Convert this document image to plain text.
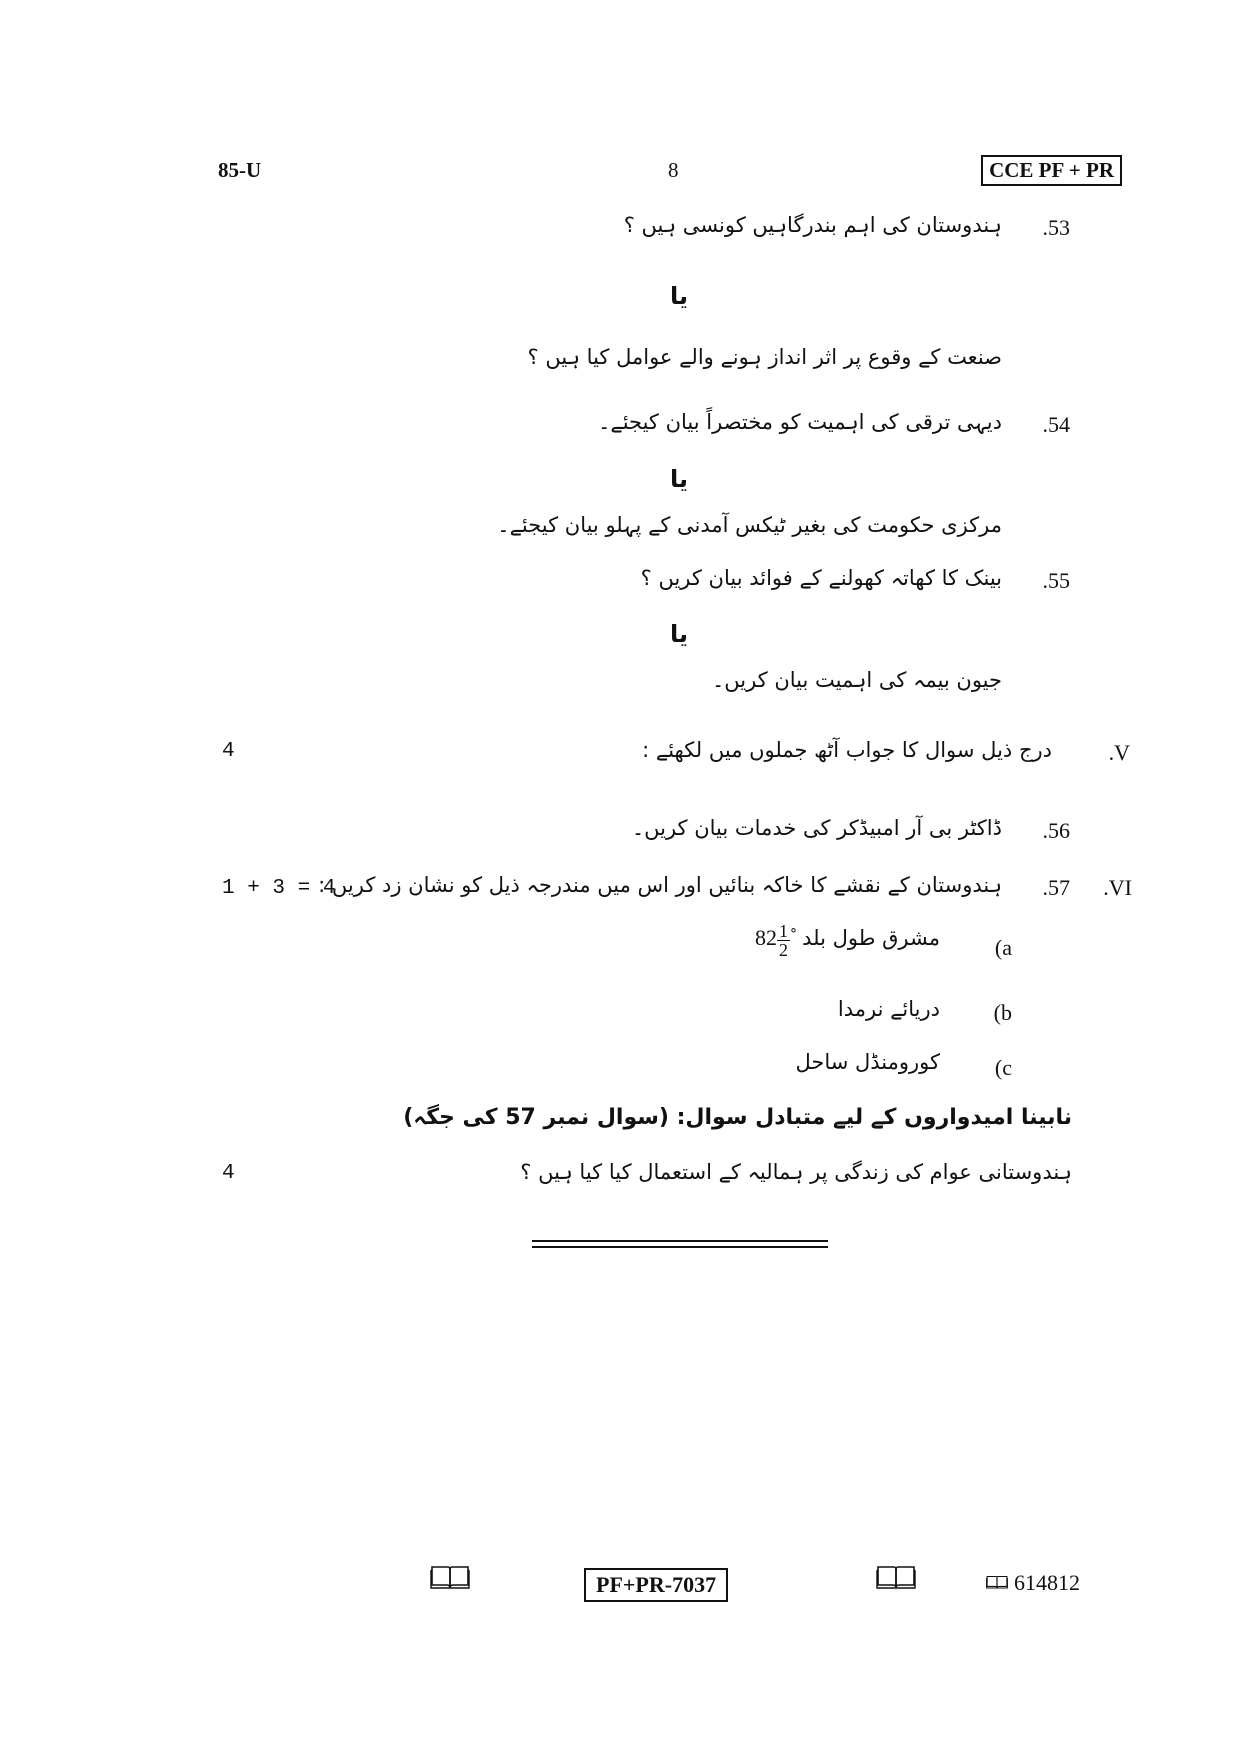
85-U	8	CCE PF + PR
.53
ہندوستان کی اہم بندرگاہیں کونسی ہیں ؟
یا
صنعت کے وقوع پر اثر انداز ہونے والے عوامل کیا ہیں ؟
.54
دیہی ترقی کی اہمیت کو مختصراً بیان کیجئے۔
یا
مرکزی حکومت کی بغیر ٹیکس آمدنی کے پہلو بیان کیجئے۔
.55
بینک کا کھاتہ کھولنے کے فوائد بیان کریں ؟
یا
جیون بیمہ کی اہمیت بیان کریں۔
4	.V
درج ذیل سوال کا جواب آٹھ جملوں میں لکھئے :
.56
ڈاکٹر بی آر امبیڈکر کی خدمات بیان کریں۔
1 + 3 = 4	.VI
.57
ہندوستان کے نقشے کا خاکہ بنائیں اور اس میں مندرجہ ذیل کو نشان زد کریں :
(a
مشرق طول بلد $82 \frac{1}{2} ^\circ$
(b
دریائے نرمدا
(c
کورومنڈل ساحل
نابینا امیدواروں کے لیے متبادل سوال: (سوال نمبر 57 کی جگہ)
4	ہندوستانی عوام کی زندگی پر ہمالیہ کے استعمال کیا کیا ہیں ؟
PF+PR-7037	614812
